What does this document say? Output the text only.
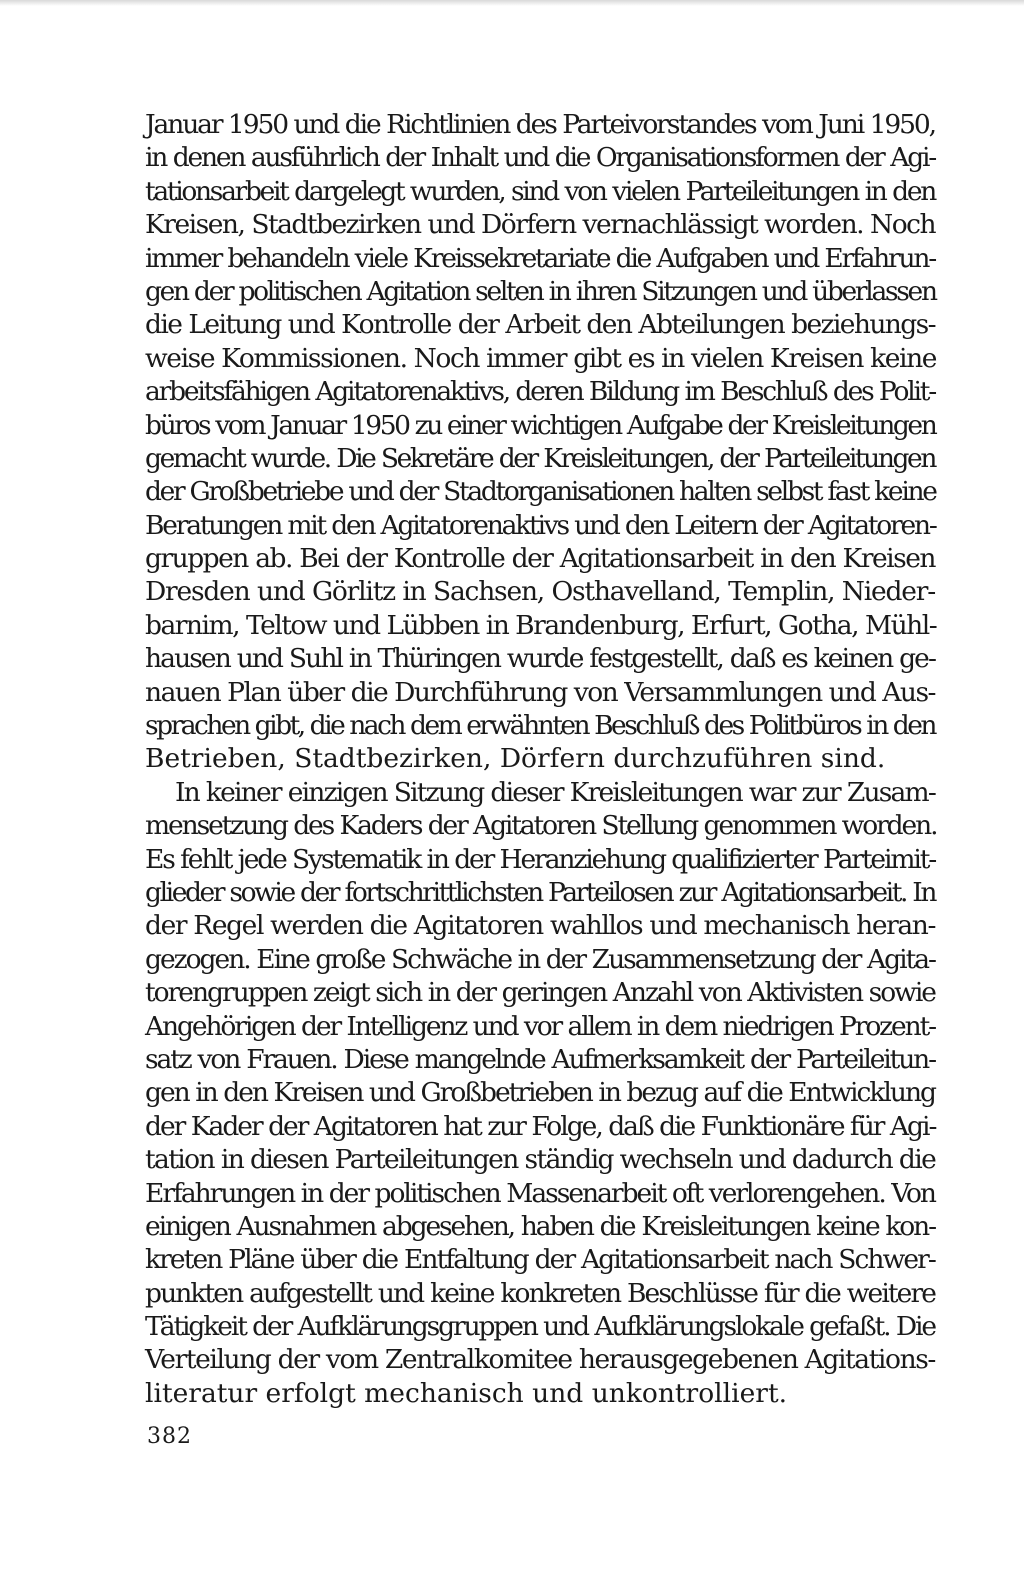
Januar 1950 und die Richtlinien des Parteivorstandes vom Juni 1950,
in denen ausführlich der Inhalt und die Organisationsformen der Agi-
tationsarbeit dargelegt wurden, sind von vielen Parteileitungen in den
Kreisen, Stadtbezirken und Dörfern vernachlässigt worden. Noch
immer behandeln viele Kreissekretariate die Aufgaben und Erfahrun-
gen der politischen Agitation selten in ihren Sitzungen und überlassen
die Leitung und Kontrolle der Arbeit den Abteilungen beziehungs-
weise Kommissionen. Noch immer gibt es in vielen Kreisen keine
arbeitsfähigen Agitatorenaktivs, deren Bildung im Beschluß des Polit-
büros vom Januar 1950 zu einer wichtigen Aufgabe der Kreisleitungen
gemacht wurde. Die Sekretäre der Kreisleitungen, der Parteileitungen
der Großbetriebe und der Stadtorganisationen halten selbst fast keine
Beratungen mit den Agitatorenaktivs und den Leitern der Agitatoren-
gruppen ab. Bei der Kontrolle der Agitationsarbeit in den Kreisen
Dresden und Görlitz in Sachsen, Osthavelland, Templin, Nieder-
barnim, Teltow und Lübben in Brandenburg, Erfurt, Gotha, Mühl-
hausen und Suhl in Thüringen wurde festgestellt, daß es keinen ge-
nauen Plan über die Durchführung von Versammlungen und Aus-
sprachen gibt, die nach dem erwähnten Beschluß des Politbüros in den
Betrieben, Stadtbezirken, Dörfern durchzuführen sind.
In keiner einzigen Sitzung dieser Kreisleitungen war zur Zusam-
mensetzung des Kaders der Agitatoren Stellung genommen worden.
Es fehlt jede Systematik in der Heranziehung qualifizierter Parteimit-
glieder sowie der fortschrittlichsten Parteilosen zur Agitationsarbeit. In
der Regel werden die Agitatoren wahllos und mechanisch heran-
gezogen. Eine große Schwäche in der Zusammensetzung der Agita-
torengruppen zeigt sich in der geringen Anzahl von Aktivisten sowie
Angehörigen der Intelligenz und vor allem in dem niedrigen Prozent-
satz von Frauen. Diese mangelnde Aufmerksamkeit der Parteileitun-
gen in den Kreisen und Großbetrieben in bezug auf die Entwicklung
der Kader der Agitatoren hat zur Folge, daß die Funktionäre für Agi-
tation in diesen Parteileitungen ständig wechseln und dadurch die
Erfahrungen in der politischen Massenarbeit oft verlorengehen. Von
einigen Ausnahmen abgesehen, haben die Kreisleitungen keine kon-
kreten Pläne über die Entfaltung der Agitationsarbeit nach Schwer-
punkten aufgestellt und keine konkreten Beschlüsse für die weitere
Tätigkeit der Aufklärungsgruppen und Aufklärungslokale gefaßt. Die
Verteilung der vom Zentralkomitee herausgegebenen Agitations-
literatur erfolgt mechanisch und unkontrolliert.
382
